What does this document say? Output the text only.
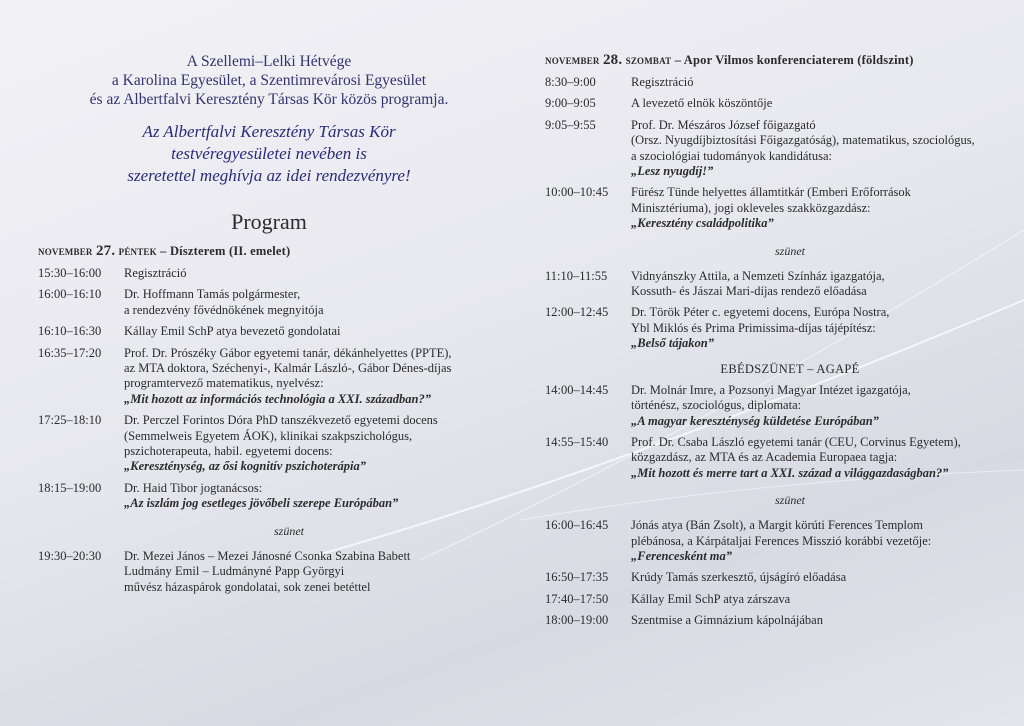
A Szellemi–Lelki Hétvége
a Karolina Egyesület, a Szentimrevárosi Egyesület
és az Albertfalvi Keresztény Társas Kör közös programja.
Az Albertfalvi Keresztény Társas Kör
testvéregyesületei nevében is
szeretettel meghívja az idei rendezvényre!
Program
november 27. péntek – Díszterem (II. emelet)
15:30–16:00	Regisztráció
16:00–16:10	Dr. Hoffmann Tamás polgármester,
a rendezvény fővédnökének megnyitója
16:10–16:30	Kállay Emil SchP atya bevezető gondolatai
16:35–17:20	Prof. Dr. Prószéky Gábor egyetemi tanár, dékánhelyettes (PPTE),
az MTA doktora, Széchenyi-, Kalmár László-, Gábor Dénes-díjas
programtervező matematikus, nyelvész:
„Mit hozott az információs technológia a XXI. században?”
17:25–18:10	Dr. Perczel Forintos Dóra PhD tanszékvezető egyetemi docens
(Semmelweis Egyetem ÁOK), klinikai szakpszichológus,
pszichoterapeuta, habil. egyetemi docens:
„Kereszténység, az ősi kognitív pszichoterápia”
18:15–19:00	Dr. Haid Tibor jogtanácsos:
„Az iszlám jog esetleges jövőbeli szerepe Európában”
szünet
19:30–20:30	Dr. Mezei János – Mezei Jánosné Csonka Szabina Babett
Ludmány Emil – Ludmányné Papp Györgyi
művész házaspárok gondolatai, sok zenei betéttel
november 28. szombat – Apor Vilmos konferenciaterem (földszint)
8:30–9:00	Regisztráció
9:00–9:05	A levezető elnök köszöntője
9:05–9:55	Prof. Dr. Mészáros József főigazgató
(Orsz. Nyugdíjbiztosítási Főigazgatóság), matematikus, szociológus,
a szociológiai tudományok kandidátusa:
„Lesz nyugdíj!”
10:00–10:45	Fürész Tünde helyettes államtitkár (Emberi Erőforrások
Minisztériuma), jogi okleveles szakközgazdász:
„Keresztény családpolitika”
szünet
11:10–11:55	Vidnyánszky Attila, a Nemzeti Színház igazgatója,
Kossuth- és Jászai Mari-díjas rendező előadása
12:00–12:45	Dr. Török Péter c. egyetemi docens, Európa Nostra,
Ybl Miklós és Prima Primissima-díjas tájépítész:
„Belső tájakon”
EBÉDSZÜNET – AGAPÉ
14:00–14:45	Dr. Molnár Imre, a Pozsonyi Magyar Intézet igazgatója,
történész, szociológus, diplomata:
„A magyar kereszténység küldetése Európában”
14:55–15:40	Prof. Dr. Csaba László egyetemi tanár (CEU, Corvinus Egyetem),
közgazdász, az MTA és az Academia Europaea tagja:
„Mit hozott és merre tart a XXI. század a világgazdaságban?”
szünet
16:00–16:45	Jónás atya (Bán Zsolt), a Margit körúti Ferences Templom
plébánosa, a Kárpátaljai Ferences Misszió korábbi vezetője:
„Ferencesként ma”
16:50–17:35	Krúdy Tamás szerkesztő, újságíró előadása
17:40–17:50	Kállay Emil SchP atya zárszava
18:00–19:00	Szentmise a Gimnázium kápolnájában
